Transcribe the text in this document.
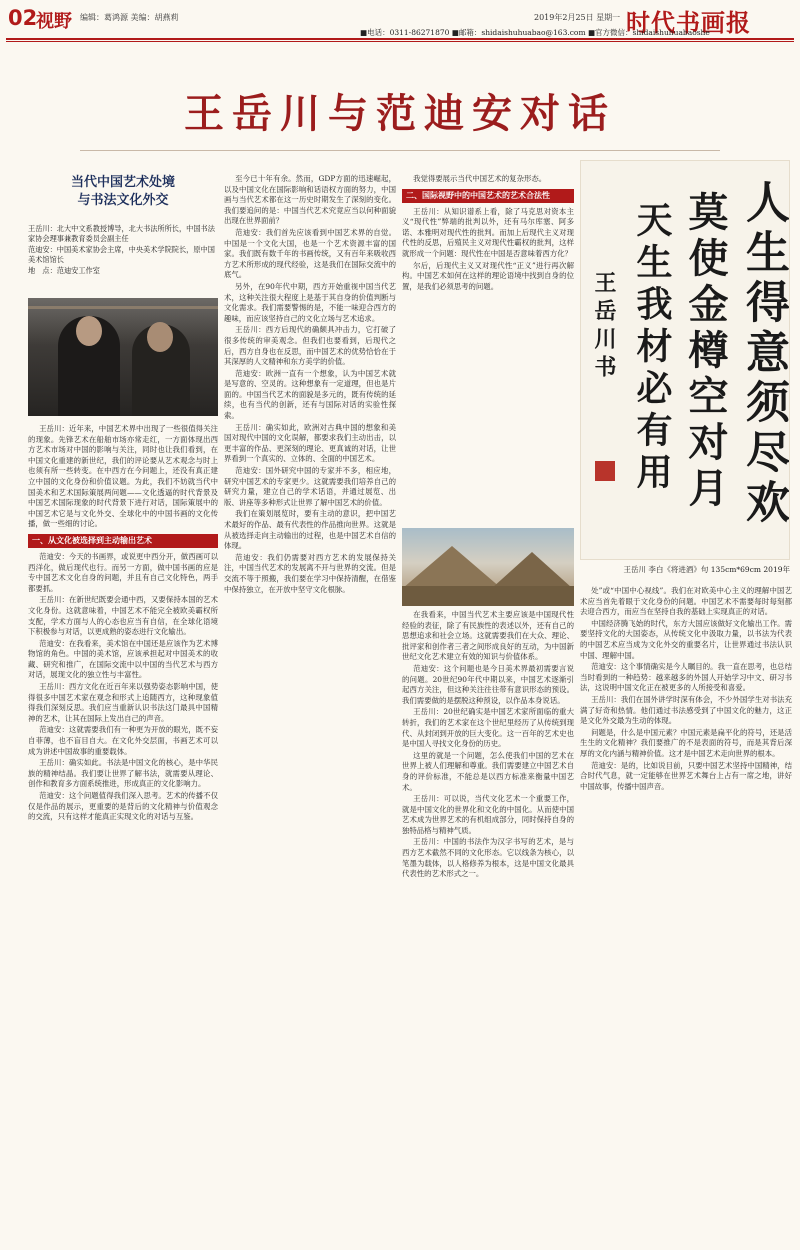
02
视野 编辑：葛鸿源 美编：胡燕莉	2019年2月25日 星期一 时代书画报
■电话：0311-86271870 ■邮箱：shidaishuhuabao@163.com ■官方微信：shidaishuhuabaoshe
王岳川与范迪安对话
当代中国艺术处境
与书法文化外交
王岳川：北大中文系教授博导，北大书法所所长，中国书法家协会理事兼教育委员会副主任
范迪安：中国美术家协会主席，中央美术学院院长，原中国美术馆馆长
地　点：范迪安工作室

王岳川：近年来，中国艺术界中出现了一些很值得关注的现象。先锋艺术在船舶市场亦常走红，一方面体现出西方艺术市场对中国的影响与关注，同时也让我们看到，在中国文化重建的新世纪，我们的评论要从艺术观念与时上也须有所一些转变。在中西方在今问题上，还没有真正建立中国的文化身份和价值议题。为此，我们不妨就当代中国美术和艺术国际策展两问题——文化透逼的时代背景及中国艺术国际现象的时代背景下进行对话，国际策展中的中国艺术它是与文化外交、全球化中的中国书画的文化传播，做一些细的讨论。

一、从文化被选择到主动输出艺术

范迪安：今天的书画界，或说更中西分开，做西画可以西洋化，做后现代也行。而另一方面，做中国书画的应是专中国艺术文化自身的问题，并且有自己文化特色，两手都要抓。

王岳川：在新世纪既要会通中西，又要保持本国的艺术文化身份。这就意味着，中国艺术不能完全被欧美霸权所支配，学术方面与人的心态也应当有自信，在全球化语境下积极参与对话，以更成熟的姿态进行文化输出。

范迪安：在我看来，美术馆在中国还是应该作为艺术博物馆的角色。中国的美术馆，应该承担起对中国美术的收藏、研究和推广，在国际交流中以中国的当代艺术与西方对话，展现文化的独立性与丰富性。

王岳川：西方文化在近百年来以强势姿态影响中国，使得很多中国艺术家在观念和形式上追随西方，这种现象值得我们深刻反思。我们应当重新认识书法这门最具中国精神的艺术，让其在国际上发出自己的声音。

范迪安：这就需要我们有一种更为开放的眼光，既不妄自菲薄，也不盲目自大。在文化外交层面，书画艺术可以成为讲述中国故事的重要载体。

王岳川：确实如此。书法是中国文化的核心，是中华民族的精神结晶。我们要让世界了解书法，就需要从理论、创作和教育多方面系统推进，形成真正的文化影响力。

范迪安：这个问题值得我们深入思考。艺术的传播不仅仅是作品的展示，更重要的是背后的文化精神与价值观念的交流，只有这样才能真正实现文化的对话与互鉴。

至今已十年有余。然而，GDP方面的迅速崛起，以及中国文化在国际影响和话语权方面的努力，中国画与当代艺术都在这一历史时期发生了深刻的变化。我们要追问的是：中国当代艺术究竟应当以何种面貌出现在世界面前？

范迪安：我们首先应该看到中国艺术界的自觉。中国是一个文化大国，也是一个艺术资源丰富的国家。我们既有数千年的书画传统，又有百年来吸收西方艺术所形成的现代经验，这是我们在国际交流中的底气。

另外，在90年代中期，西方开始重视中国当代艺术，这种关注很大程度上是基于其自身的价值判断与文化需求。我们需要警惕的是，不能一味迎合西方的趣味，而应该坚持自己的文化立场与艺术追求。

王岳川：西方后现代的确颇具冲击力，它打破了很多传统的审美观念。但我们也要看到，后现代之后，西方自身也在反思，而中国艺术的优势恰恰在于其深厚的人文精神和东方美学的价值。

范迪安：欧洲一直有一个想象，认为中国艺术就是写意的、空灵的。这种想象有一定道理，但也是片面的。中国当代艺术的面貌是多元的，既有传统的延续，也有当代的创新，还有与国际对话的实验性探索。

王岳川：确实如此，欧洲对古典中国的想象和美国对现代中国的文化误解，都要求我们主动出击，以更丰富的作品、更深刻的理论、更真诚的对话，让世界看到一个真实的、立体的、全面的中国艺术。

范迪安：国外研究中国的专家并不多，相应地，研究中国艺术的专家更少。这就需要我们培养自己的研究力量，建立自己的学术话语，并通过展览、出版、讲座等多种形式让世界了解中国艺术的价值。

我们在策划展览时，要有主动的意识，把中国艺术最好的作品、最有代表性的作品推向世界。这就是从被选择走向主动输出的过程，也是中国艺术自信的体现。

范迪安：我们仍需要对西方艺术的发展保持关注，中国当代艺术的发展离不开与世界的交流。但是交流不等于照搬，我们要在学习中保持清醒，在借鉴中保持独立，在开放中坚守文化根脉。

我觉得要展示当代中国艺术的复杂形态。

二、国际视野中的中国艺术的艺术合法性

王岳川：从知识谱系上看，除了马克思对资本主义“现代性”弊端的批判以外，还有马尔库塞、阿多诺、本雅明对现代性的批判。而加上后现代主义对现代性的反思，后殖民主义对现代性霸权的批判，这样就形成一个问题：现代性在中国是否意味着西方化？

尔后，后现代主义又对现代性“正义”进行再次解构。中国艺术如何在这样的理论语境中找到自身的位置，是我们必须思考的问题。

在我看来，中国当代艺术主要应该是中国现代性经验的表征，除了有民族性的表述以外，还有自己的思想追求和社会立场。这就需要我们在大众、理论、批评家和创作者三者之间形成良好的互动，为中国新世纪文化艺术建立有效的知识与价值体系。

范迪安：这个问题也是今日美术界最初需要言说的问题。20世纪90年代中期以来，中国艺术逐渐引起西方关注，但这种关注往往带有意识形态的预设。我们需要做的是摆脱这种预设，以作品本身说话。

王岳川：20世纪确实是中国艺术家所面临的重大转折，我们的艺术家在这个世纪里经历了从传统到现代、从封闭到开放的巨大变化。这一百年的艺术史也是中国人寻找文化身份的历史。

这里的就是一个问题，怎么使我们中国的艺术在世界上被人们理解和尊重。我们需要建立中国艺术自身的评价标准，不能总是以西方标准来衡量中国艺术。

王岳川：可以说，当代文化艺术一个重要工作，就是中国文化的世界化和文化的中国化。从而使中国艺术成为世界艺术的有机组成部分，同时保持自身的独特品格与精神气质。

王岳川：中国的书法作为汉字书写的艺术，是与西方艺术截然不同的文化形态。它以线条为核心，以笔墨为载体，以人格修养为根本，这是中国文化最具代表性的艺术形式之一。

人生得意须尽欢
莫使金樽空对月
天生我材必有用
王岳川书
王岳川 李白《将进酒》句 135cm*69cm 2019年

处”或“中国中心视线”。我们在对欧美中心主义的理解中国艺术应当首先着眼于文化身份的问题。中国艺术不需要每时每刻都去迎合西方，而应当在坚持自我的基础上实现真正的对话。

中国经济腾飞始的时代，东方大国应该做好文化输出工作。需要坚持文化的大国姿态，从传统文化中汲取力量，以书法为代表的中国艺术应当成为文化外交的重要名片，让世界通过书法认识中国、理解中国。

范迪安：这个事情确实是今人瞩目的。我一直在思考，也总结当时看到的一种趋势：越来越多的外国人开始学习中文、研习书法，这说明中国文化正在被更多的人所接受和喜爱。

王岳川：我们在国外讲学时深有体会，不少外国学生对书法充满了好奇和热情。他们通过书法感受到了中国文化的魅力，这正是文化外交最为生动的体现。

问题是，什么是中国元素？中国元素是扁平化的符号，还是活生生的文化精神？我们要推广的不是表面的符号，而是其背后深厚的文化内涵与精神价值。这才是中国艺术走向世界的根本。

范迪安：是的，比如说目前，只要中国艺术坚持中国精神，结合时代气息，就一定能够在世界艺术舞台上占有一席之地，讲好中国故事，传播中国声音。
